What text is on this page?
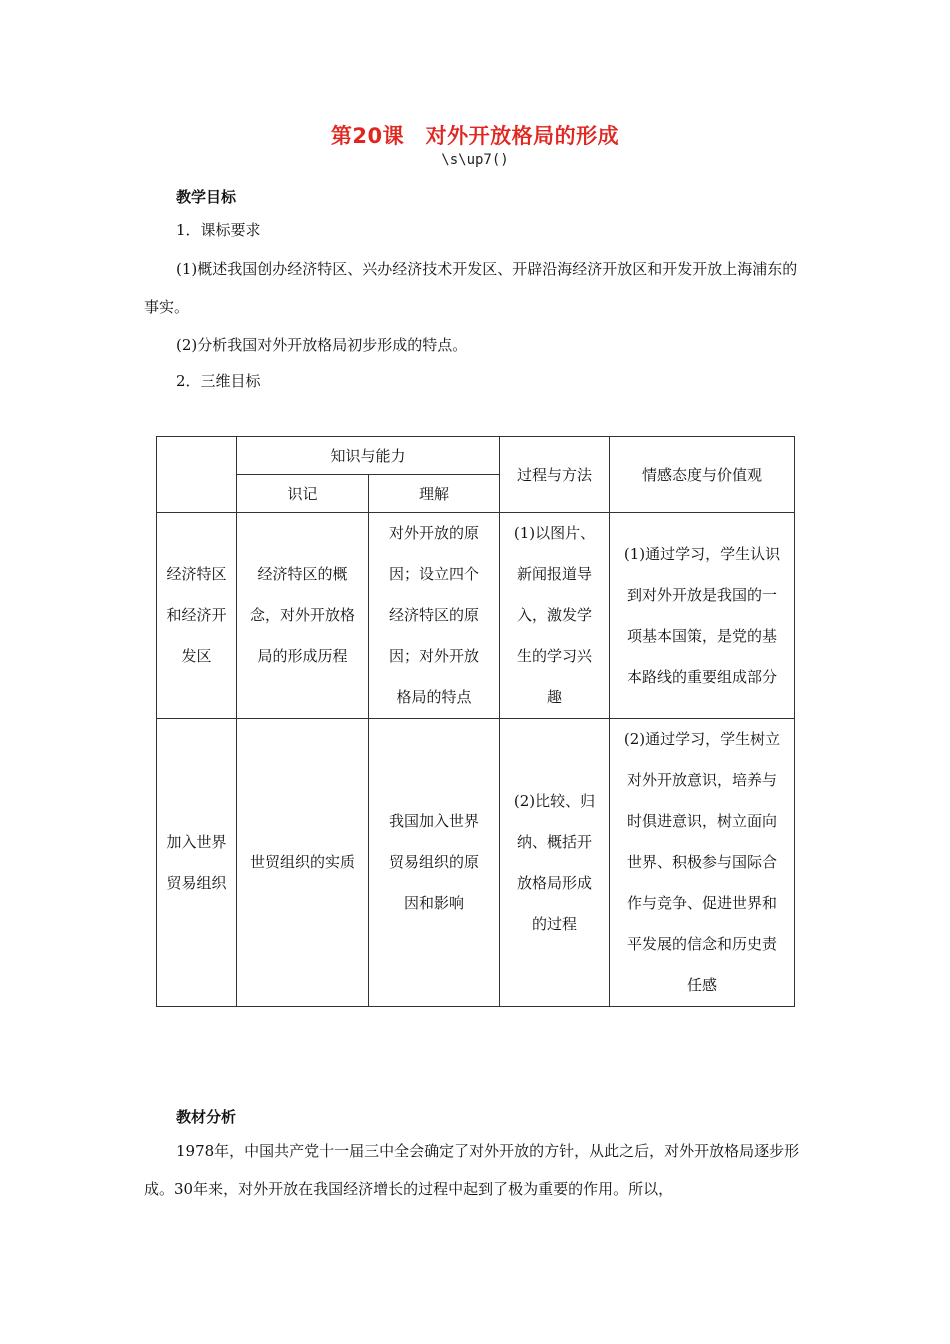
第20课　对外开放格局的形成
\s\up7()
教学目标
1．课标要求
(1)概述我国创办经济特区、兴办经济技术开发区、开辟沿海经济开放区和开发开放上海浦东的事实。
(2)分析我国对外开放格局初步形成的特点。
2．三维目标
	知识与能力		过程与方法	情感态度与价值观
	识记	理解		
经济特区和经济开发区	经济特区的概念，对外开放格局的形成历程	对外开放的原因；设立四个经济特区的原因；对外开放格局的特点	(1)以图片、新闻报道导入，激发学生的学习兴趣	(1)通过学习，学生认识到对外开放是我国的一项基本国策，是党的基本路线的重要组成部分
加入世界贸易组织	世贸组织的实质	我国加入世界贸易组织的原因和影响	(2)比较、归纳、概括开放格局形成的过程	(2)通过学习，学生树立对外开放意识，培养与时俱进意识，树立面向世界、积极参与国际合作与竞争、促进世界和平发展的信念和历史责任感
教材分析
1978年，中国共产党十一届三中全会确定了对外开放的方针，从此之后，对外开放格局逐步形成。30年来，对外开放在我国经济增长的过程中起到了极为重要的作用。所以，
